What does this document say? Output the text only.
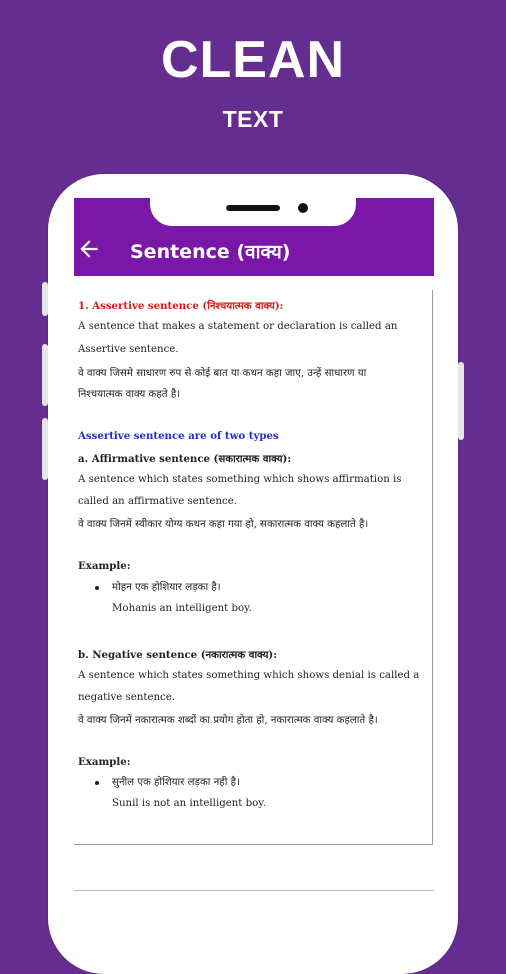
CLEAN
TEXT
Sentence (वाक्य)
1. Assertive sentence (निश्चयात्मक वाक्य):
A sentence that makes a statement or declaration is called an
Assertive sentence.
वे वाक्य जिसमे साधारण रुप से कोई बात या कथन कहा जाए, उन्हें साधारण या
निश्चयात्मक वाक्य कहते है।
Assertive sentence are of two types
a. Affirmative sentence (सकारात्मक वाक्य):
A sentence which states something which shows affirmation is
called an affirmative sentence.
वे वाक्य जिनमें स्वीकार योग्य कथन कहा गया हो, सकारात्मक वाक्य कहलाते है।
Example:
मोहन एक होशियार लड़का है।
Mohanis an intelligent boy.
b. Negative sentence (नकारात्मक वाक्य):
A sentence which states something which shows denial is called a
negative sentence.
वे वाक्य जिनमें नकारात्मक शब्दों का प्रयोग होता हो, नकारात्मक वाक्य कहलाते है।
Example:
सुनील एक होशियार लड़का नही है।
Sunil is not an intelligent boy.
